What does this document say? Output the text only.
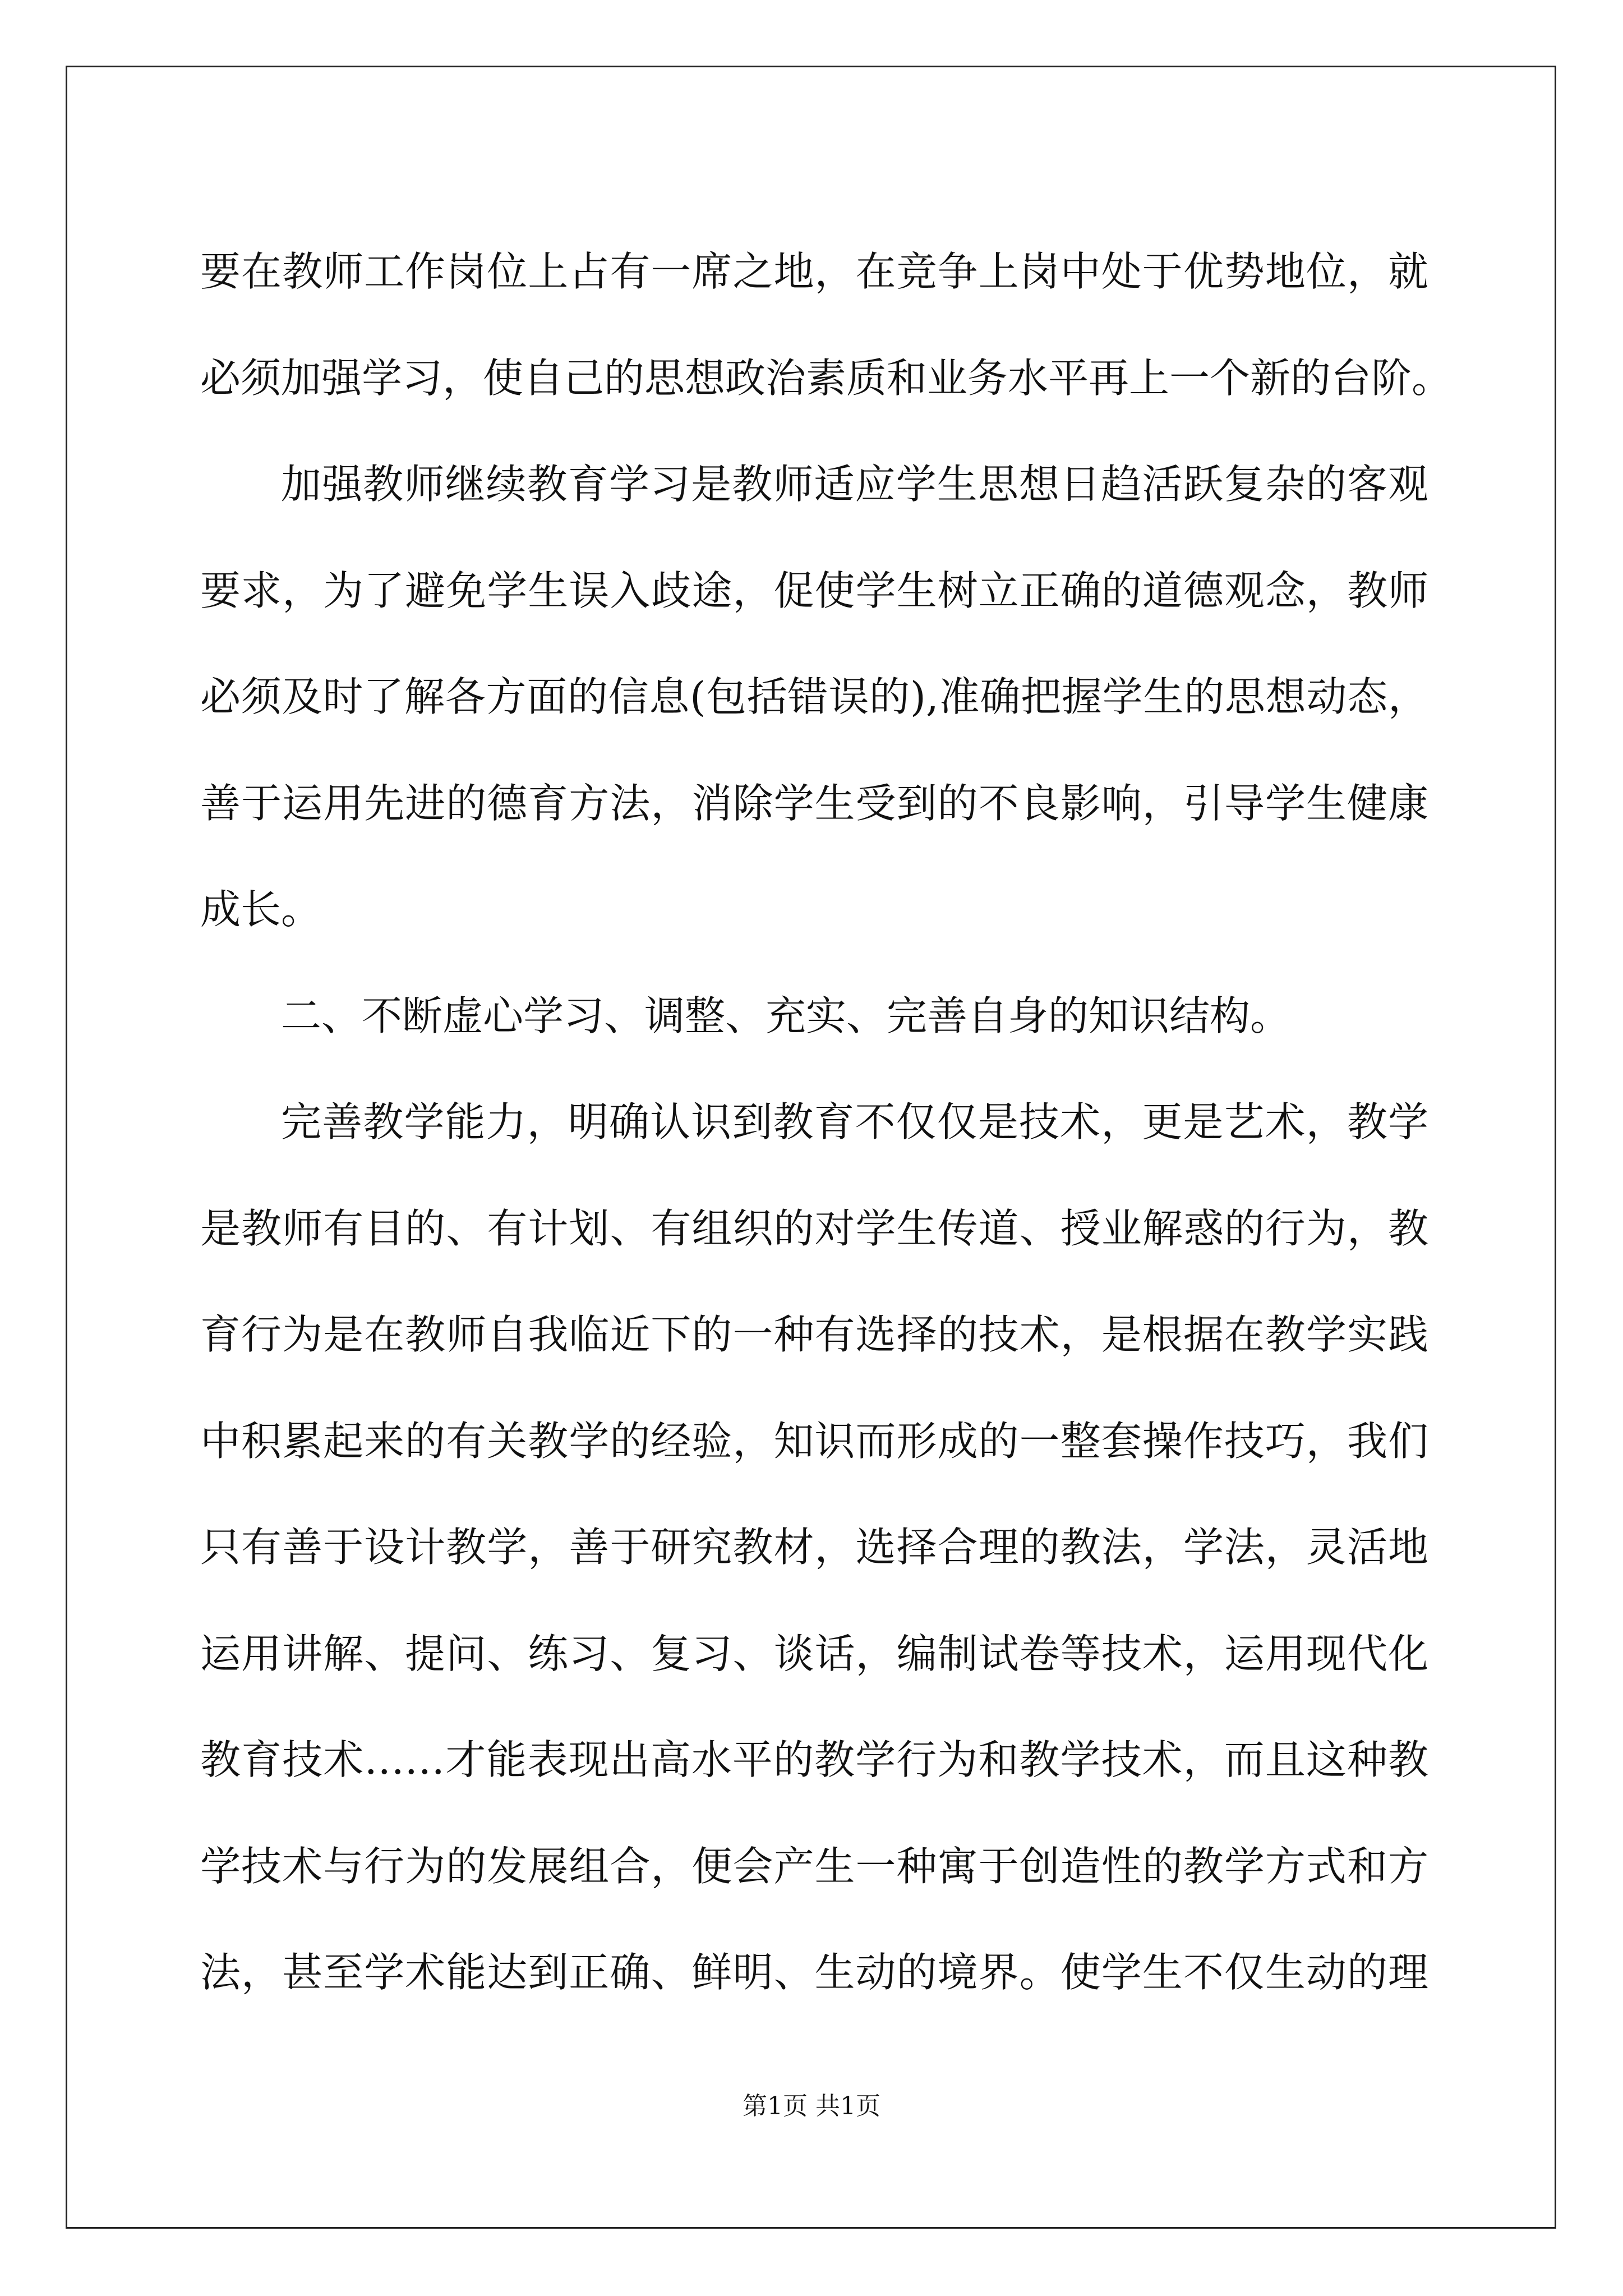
要在教师工作岗位上占有一席之地，在竞争上岗中处于优势地位，就
必须加强学习，使自己的思想政治素质和业务水平再上一个新的台阶。
加强教师继续教育学习是教师适应学生思想日趋活跃复杂的客观
要求，为了避免学生误入歧途，促使学生树立正确的道德观念，教师
必须及时了解各方面的信息(包括错误的),准确把握学生的思想动态，
善于运用先进的德育方法，消除学生受到的不良影响，引导学生健康
成长。
二、不断虚心学习、调整、充实、完善自身的知识结构。
完善教学能力，明确认识到教育不仅仅是技术，更是艺术，教学
是教师有目的、有计划、有组织的对学生传道、授业解惑的行为，教
育行为是在教师自我临近下的一种有选择的技术，是根据在教学实践
中积累起来的有关教学的经验，知识而形成的一整套操作技巧，我们
只有善于设计教学，善于研究教材，选择合理的教法，学法，灵活地
运用讲解、提问、练习、复习、谈话，编制试卷等技术，运用现代化
教育技术……才能表现出高水平的教学行为和教学技术，而且这种教
学技术与行为的发展组合，便会产生一种寓于创造性的教学方式和方
法，甚至学术能达到正确、鲜明、生动的境界。使学生不仅生动的理
第1页 共1页
